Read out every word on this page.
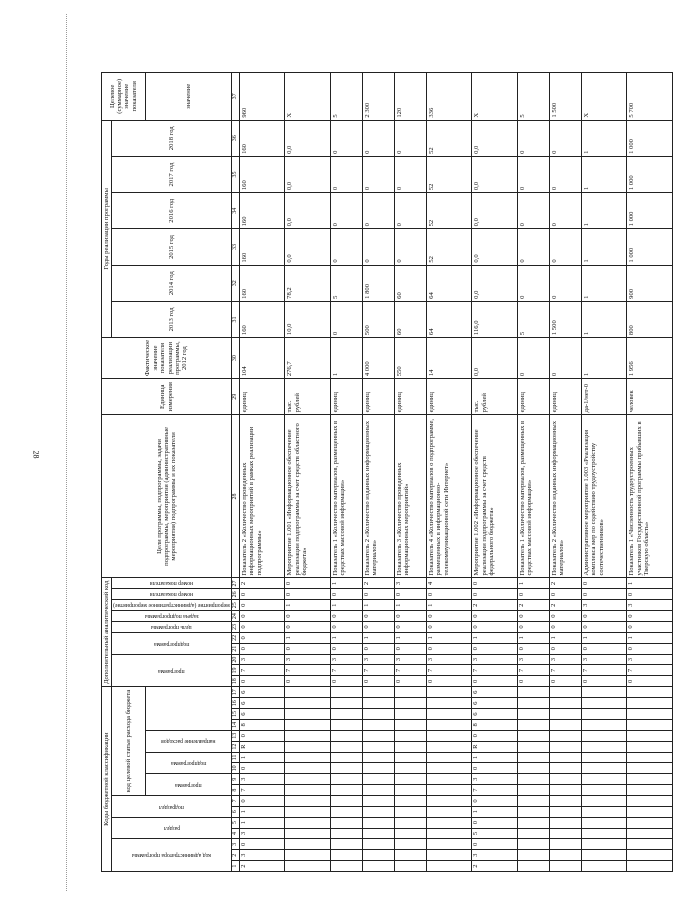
28
Коды бюджетной классификации																	Дополнительный аналитический код										Цели программы, подпрограммы, задачи подпрограммы, мероприятия (административные мероприятия) подпрограммы и их показатели	Единица измерения	Фактическое значение показателя реализации программы, 2012 год	Годы реализации программы						Целевое (суммарное) значение показателя

код администратора программы			раздел		подраздел		код целевой статьи расхода бюджета										программа			подпрограмма		цель программы	задача подпрограммы	мероприятие (административное мероприятие)	номер показателя	номер показателя				2013 год	2014 год	2015 год	2016 год	2017 год	2018 год	

							программа		подпрограмма		направление расходов																									значение
1	2	3	4	5	6	7	8	9	10	11	12	13	14	15	16	17	18	19	20	21	22	23	24	25	26	27	28	29	30	31	32	33	34	35	36	37
2	3	0	3	1	1	0	7	3	0	1	R	0	8	6	6	6	0	7	3	0	0	0	0	0	0	2	Показатель 2 «Количество проведенных информационных мероприятий в рамках реализации подпрограммы»	единиц	104	160	160	160	160	160	160	960
																	0	7	3	0	1	0	0	1	0	0	Мероприятие 1.001 «Информационное обеспечение реализации подпрограммы за счет средств областного бюджета»	тыс. рублей	276,7	10,0	78,2	0,0	0,0	0,0	0,0	Х
																	0	7	3	0	1	0	0	1	0	1	Показатель 1 «Количество материалов, размещенных в средствах массовой информации»	единиц	1	0	5	0	0	0	0	5
																	0	7	3	0	1	0	0	1	0	2	Показатель 2 «Количество изданных информационных материалов»	единиц	4 000	500	1 800	0	0	0	0	2 300
																	0	7	3	0	1	0	0	1	0	3	Показатель 3 «Количество проведенных информационных мероприятий»	единиц	550	60	60	0	0	0	0	120
																	0	7	3	0	1	0	0	1	0	4	Показатель 4 «Количество материалов о подпрограмме, размещенных в информационно-телекоммуникационной сети Интернет»	единиц	14	64	64	52	52	52	52	336
2	3	0	5	0	1	0	7	3	0	1	R	0	8	6	6	6	0	7	3	0	1	0	0	2	0	0	Мероприятие 1.002 «Информационное обеспечение реализации подпрограммы за счет средств федерального бюджета»	тыс. рублей	0,0	116,0	0,0	0,0	0,0	0,0	0,0	Х
																	0	7	3	0	1	0	0	2	0	1	Показатель 1 «Количество материалов, размещенных в средствах массовой информации»	единиц	0	5	0	0	0	0	0	5
																	0	7	3	0	1	0	0	2	0	2	Показатель 2 «Количество изданных информационных материалов»	единиц	0	1 500	0	0	0	0	0	1 500
																	0	7	3	0	1	0	0	3	0	0	Административное мероприятие 1.003 «Реализация комплекса мер по содействию трудоустройству соотечественников»	да-1/нет-0	1	1	1	1	1	1	1	Х
																	0	7	3	0	1	0	0	3	0	1	Показатель 1 «Численность трудоустроенных участников Государственной программы прибывших в Тверскую область»	человек	1 956	800	900	1 000	1 000	1 000	1 000	5 700
